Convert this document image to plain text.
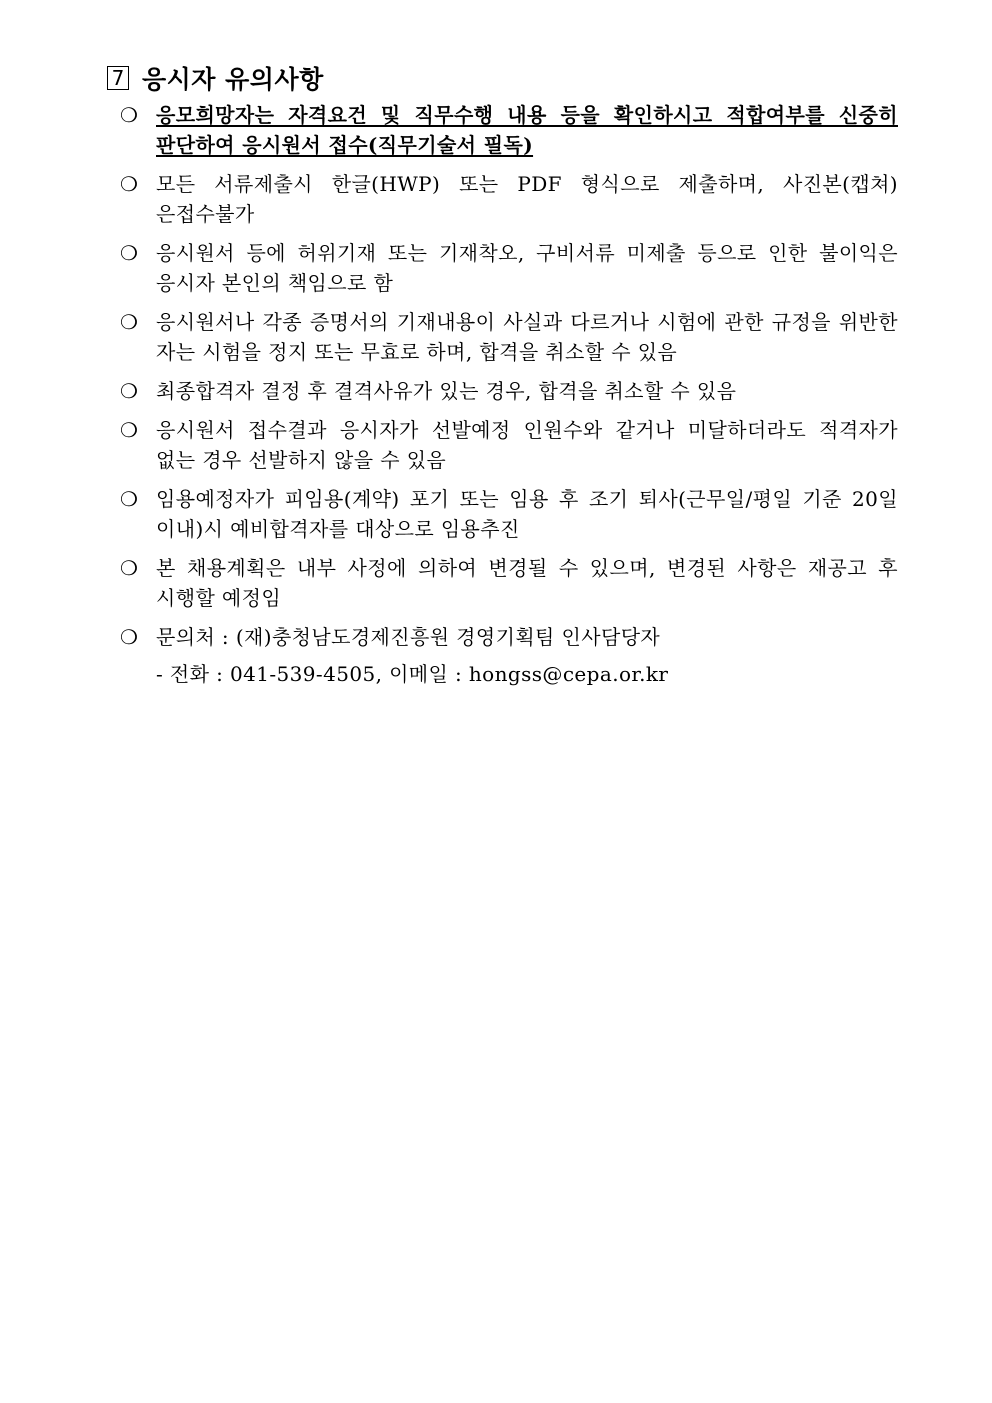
7 응시자 유의사항
❍ 응모희망자는 자격요건 및 직무수행 내용 등을 확인하시고 적합여부를 신중히 판단하여 응시원서 접수(직무기술서 필독)
❍ 모든 서류제출시 한글(HWP) 또는 PDF 형식으로 제출하며, 사진본(캡쳐)은접수불가
❍ 응시원서 등에 허위기재 또는 기재착오, 구비서류 미제출 등으로 인한 불이익은 응시자 본인의 책임으로 함
❍ 응시원서나 각종 증명서의 기재내용이 사실과 다르거나 시험에 관한 규정을 위반한 자는 시험을 정지 또는 무효로 하며, 합격을 취소할 수 있음
❍ 최종합격자 결정 후 결격사유가 있는 경우, 합격을 취소할 수 있음
❍ 응시원서 접수결과 응시자가 선발예정 인원수와 같거나 미달하더라도 적격자가 없는 경우 선발하지 않을 수 있음
❍ 임용예정자가 피임용(계약) 포기 또는 임용 후 조기 퇴사(근무일/평일 기준 20일 이내)시 예비합격자를 대상으로 임용추진
❍ 본 채용계획은 내부 사정에 의하여 변경될 수 있으며, 변경된 사항은 재공고 후 시행할 예정임
❍ 문의처 : (재)충청남도경제진흥원 경영기획팀 인사담당자
- 전화 : 041-539-4505, 이메일 : hongss@cepa.or.kr
